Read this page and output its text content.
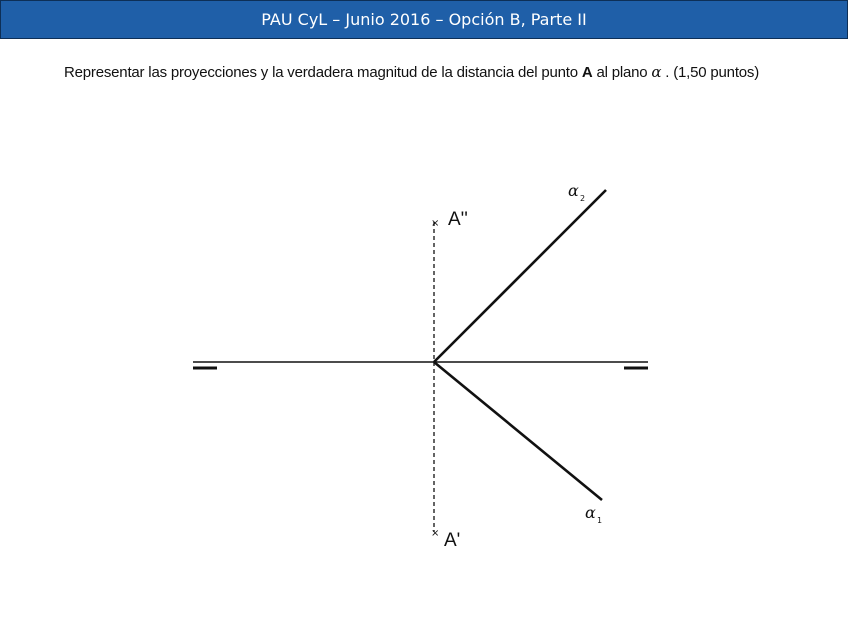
PAU CyL – Junio 2016 – Opción B, Parte II
Representar las proyecciones y la verdadera magnitud de la distancia del punto A al plano α . (1,50 puntos)
×
×
A''
A'
α 2
α 1
